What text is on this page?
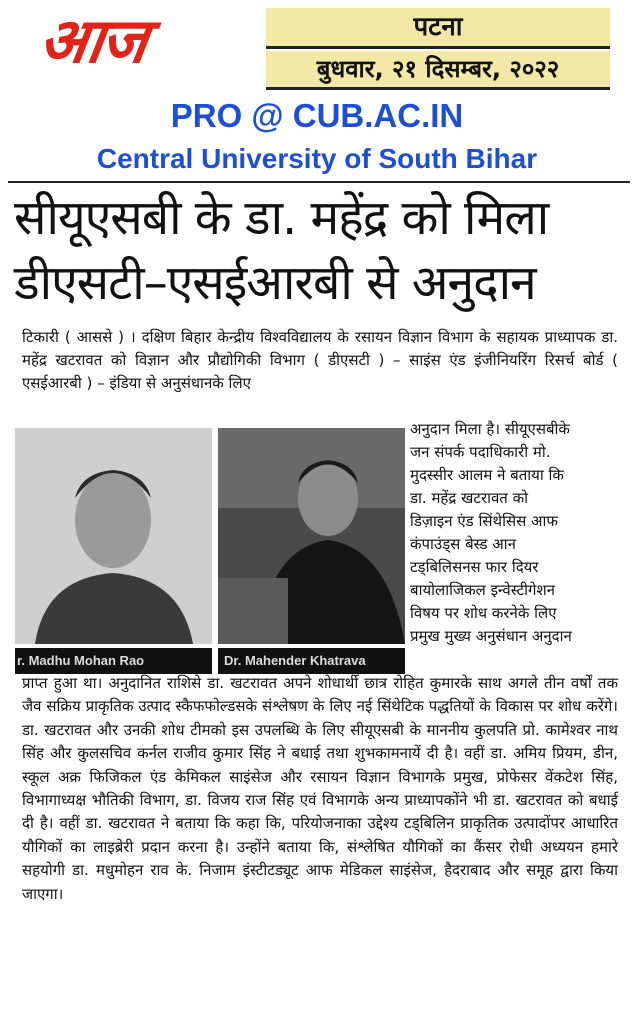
आज	पटना
बुधवार, २१ दिसम्बर, २०२२
PRO @ CUB.AC.IN
Central University of South Bihar
सीयूएसबी के डा. महेंद्र को मिला
डीएसटी–एसईआरबी से अनुदान

टिकारी ( आससे ) । दक्षिण बिहार केन्द्रीय विश्वविद्यालय के रसायन विज्ञान विभाग के सहायक प्राध्यापक डा. महेंद्र खटरावत को विज्ञान और प्रौद्योगिकी विभाग ( डीएसटी ) – साइंस एंड इंजीनियरिंग रिसर्च बोर्ड ( एसईआरबी ) – इंडिया से अनुसंधानके लिए

r. Madhu Mohan Rao	Dr. Mahender Khatrava
अनुदान मिला है। सीयूएसबीके
जन संपर्क पदाधिकारी मो.
मुदस्सीर आलम ने बताया कि
डा. महेंद्र खटरावत को
डिज़ाइन एंड सिंथेसिस आफ
कंपाउंड्स बेस्ड आन
टड्बिलिसनस फार दियर
बायोलाजिकल इन्वेस्टीगेशन
विषय पर शोध करनेके लिए
प्रमुख मुख्य अनुसंधान अनुदान

प्राप्त हुआ था। अनुदानित राशिसे डा. खटरावत अपने शोधार्थी छात्र रोहित कुमारके साथ अगले तीन वर्षों तक जैव सक्रिय प्राकृतिक उत्पाद स्कैफफोल्डसके संश्लेषण के लिए नई सिंथेटिक पद्धतियों के विकास पर शोध करेंगे।डा. खटरावत और उनकी शोध टीमको इस उपलब्धि के लिए सीयूएसबी के माननीय कुलपति प्रो. कामेश्वर नाथ सिंह और कुलसचिव कर्नल राजीव कुमार सिंह ने बधाई तथा शुभकामनायें दी है। वहीं डा. अमिय प्रियम, डीन, स्कूल अक्र फिजिकल एंड केमिकल साइंसेज और रसायन विज्ञान विभागके प्रमुख, प्रोफेसर वेंकटेश सिंह, विभागाध्यक्ष भौतिकी विभाग, डा. विजय राज सिंह एवं विभागके अन्य प्राध्यापकोंने भी डा. खटरावत को बधाई दी है। वहीं डा. खटरावत ने बताया कि कहा कि, परियोजनाका उद्देश्य टड्बिलिन प्राकृतिक उत्पादोंपर आधारित यौगिकों का लाइब्रेरी प्रदान करना है। उन्होंने बताया कि, संश्लेषित यौगिकों का कैंसर रोधी अध्ययन हमारे सहयोगी डा. मधुमोहन राव के. निजाम इंस्टीटड्यूट आफ मेडिकल साइंसेज, हैदराबाद और समूह द्वारा किया जाएगा।
